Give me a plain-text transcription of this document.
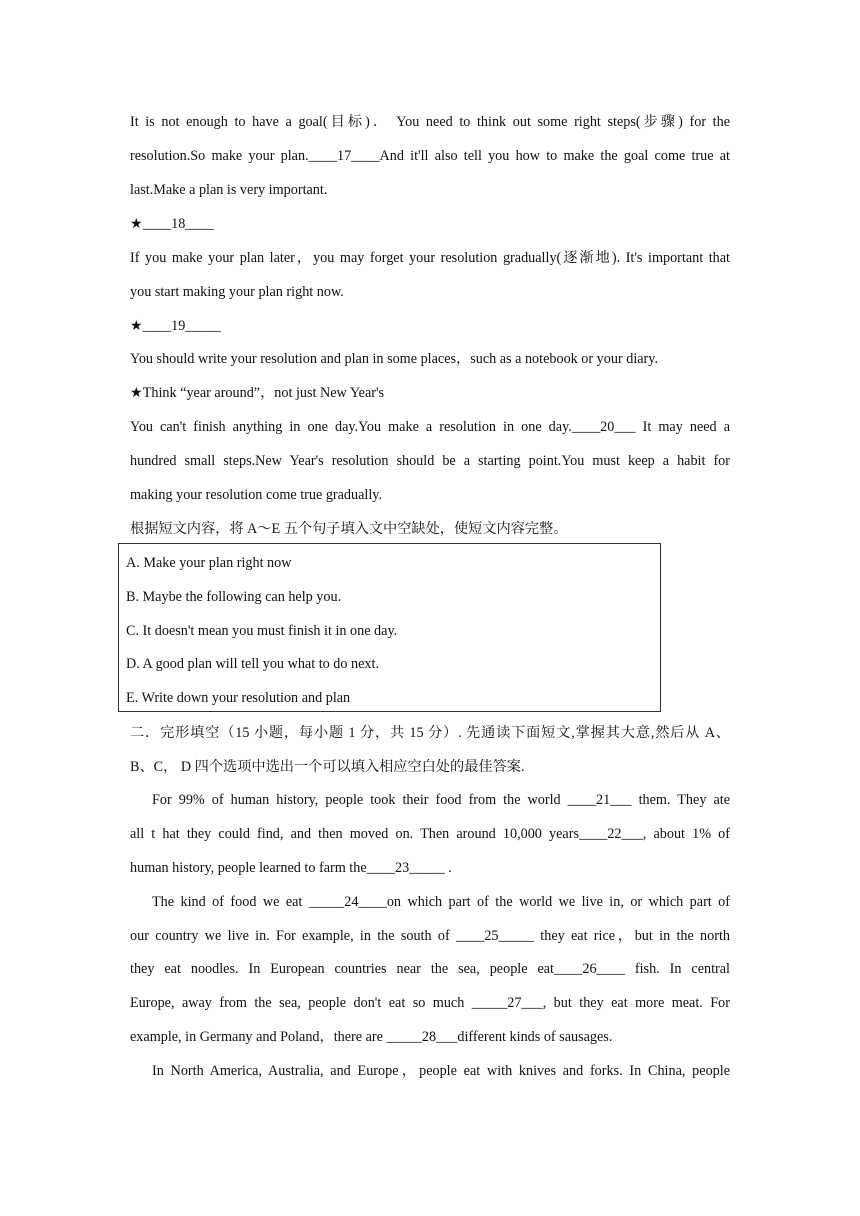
It is not enough to have a goal(目标)． You need to think out some right steps(步骤) for the
resolution.So make your plan.____17____And it'll also tell you how to make the goal come true at
last.Make a plan is very important.
★____18____
If you make your plan later，you may forget your resolution gradually(逐渐地). It's important that
you start making your plan right now.
★____19_____
You should write your resolution and plan in some places，such as a notebook or your diary.
★Think “year around”，not just New Year's
You can't finish anything in one day.You make a resolution in one day.____20___ It may need a
hundred small steps.New Year's resolution should be a starting point.You must keep a habit for
making your resolution come true gradually.
根据短文内容，将 A～E 五个句子填入文中空缺处，使短文内容完整。
A. Make your plan right now
B. Maybe the following can help you.
C. It doesn't mean you must finish it in one day.
D. A good plan will tell you what to do next.
E. Write down your resolution and plan
二．完形填空（15 小题，每小题 1 分，共 15 分）. 先通读下面短文,掌握其大意,然后从 A、
B、C， D 四个选项中选出一个可以填入相应空白处的最佳答案.
For 99% of human history, people took their food from the world ____21___ them. They ate
all t hat they could find, and then moved on. Then around 10,000 years____22___, about 1% of
human history, people learned to farm the____23_____ .
The kind of food we eat _____24____on which part of the world we live in, or which part of
our country we live in. For example, in the south of ____25_____ they eat rice，but in the north
they eat noodles. In European countries near the sea, people eat____26____ fish. In central
Europe, away from the sea, people don't eat so much _____27___, but they eat more meat. For
example, in Germany and Poland，there are _____28___different kinds of sausages.
In North America, Australia, and Europe，people eat with knives and forks. In China, people
